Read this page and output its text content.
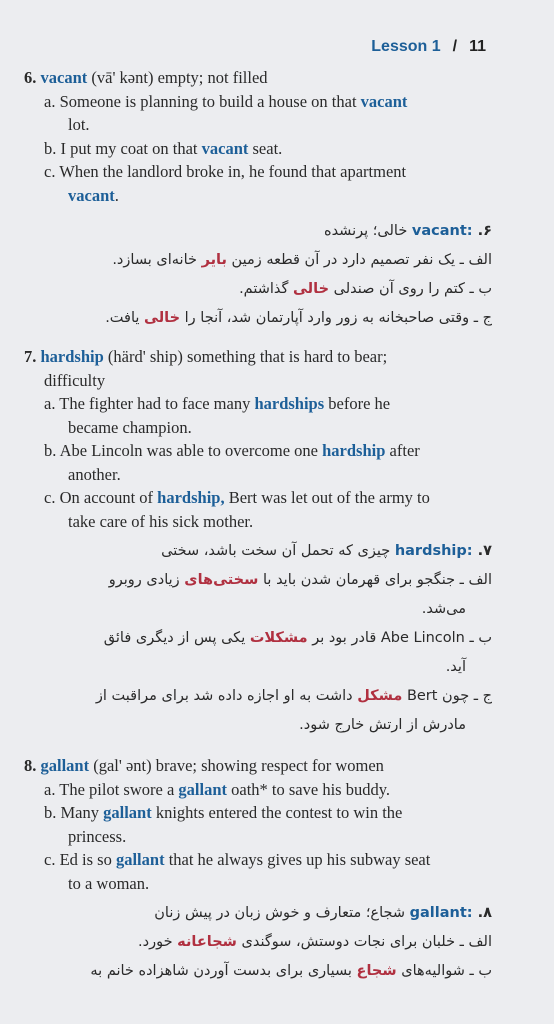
Lesson 1 / 11
6. vacant (vā' kənt) empty; not filled
a. Someone is planning to build a house on that vacant
lot.
b. I put my coat on that vacant seat.
c. When the landlord broke in, he found that apartment
vacant.
۶. vacant: خالی؛ پرنشده
الف ـ یک نفر تصمیم دارد در آن قطعه زمین بایر خانه‌ای بسازد.
ب ـ کتم را روی آن صندلی خالی گذاشتم.
ج ـ وقتی صاحبخانه به زور وارد آپارتمان شد، آنجا را خالی یافت.
7. hardship (härd' ship) something that is hard to bear;
difficulty
a. The fighter had to face many hardships before he
became champion.
b. Abe Lincoln was able to overcome one hardship after
another.
c. On account of hardship, Bert was let out of the army to
take care of his sick mother.
۷. hardship: چیزی که تحمل آن سخت باشد، سختی
الف ـ جنگجو برای قهرمان شدن باید با سختی‌های زیادی روبرو
می‌شد.
ب ـ Abe Lincoln قادر بود بر مشکلات یکی پس از دیگری فائق
آید.
ج ـ چون Bert مشکل داشت به او اجازه داده شد برای مراقبت از
مادرش از ارتش خارج شود.
8. gallant (gal' ənt) brave; showing respect for women
a. The pilot swore a gallant oath* to save his buddy.
b. Many gallant knights entered the contest to win the
princess.
c. Ed is so gallant that he always gives up his subway seat
to a woman.
۸. gallant: شجاع؛ متعارف و خوش زبان در پیش زنان
الف ـ خلبان برای نجات دوستش، سوگندی شجاعانه خورد.
ب ـ شوالیه‌های شجاع بسیاری برای بدست آوردن شاهزاده خانم به
